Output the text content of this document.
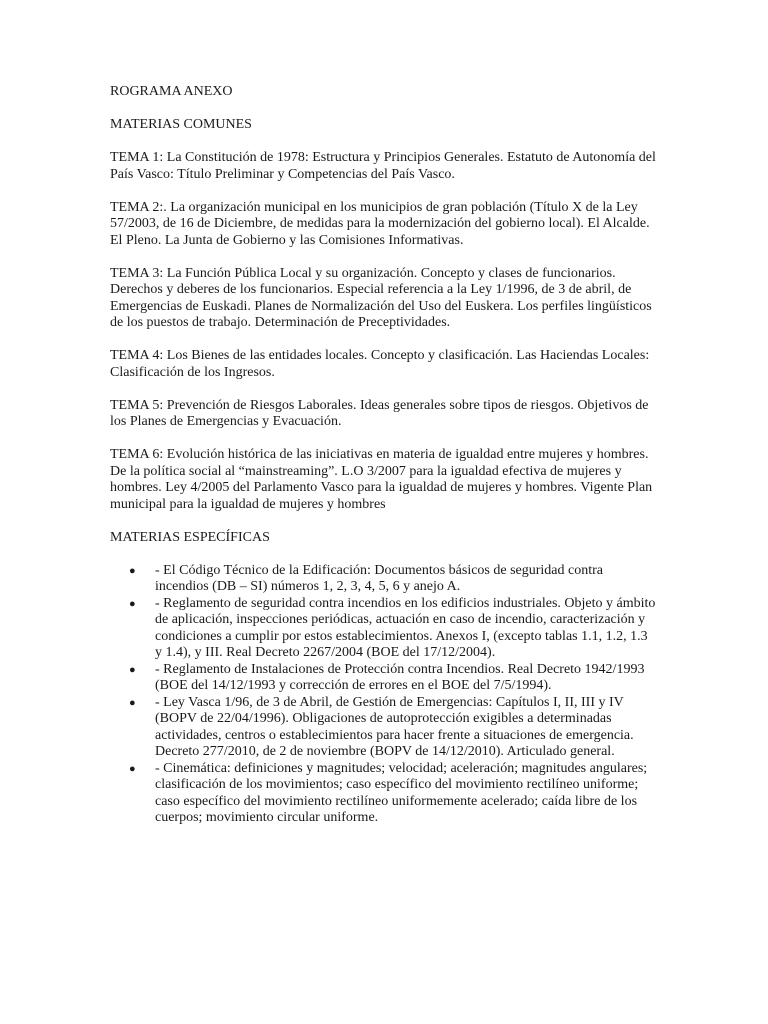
ROGRAMA ANEXO

MATERIAS COMUNES

TEMA 1: La Constitución de 1978: Estructura y Principios Generales. Estatuto de Autonomía del País Vasco: Título Preliminar y Competencias del País Vasco.

TEMA 2:. La organización municipal en los municipios de gran población (Título X de la Ley 57/2003, de 16 de Diciembre, de medidas para la modernización del gobierno local). El Alcalde. El Pleno. La Junta de Gobierno y las Comisiones Informativas.

TEMA 3: La Función Pública Local y su organización. Concepto y clases de funcionarios. Derechos y deberes de los funcionarios. Especial referencia a la Ley 1/1996, de 3 de abril, de Emergencias de Euskadi. Planes de Normalización del Uso del Euskera. Los perfiles lingüísticos de los puestos de trabajo. Determinación de Preceptividades.

TEMA 4: Los Bienes de las entidades locales. Concepto y clasificación. Las Haciendas Locales: Clasificación de los Ingresos.

TEMA 5: Prevención de Riesgos Laborales. Ideas generales sobre tipos de riesgos. Objetivos de los Planes de Emergencias y Evacuación.

TEMA 6: Evolución histórica de las iniciativas en materia de igualdad entre mujeres y hombres. De la política social al “mainstreaming”. L.O 3/2007 para la igualdad efectiva de mujeres y hombres. Ley 4/2005 del Parlamento Vasco para la igualdad de mujeres y hombres. Vigente Plan municipal para la igualdad de mujeres y hombres

MATERIAS ESPECÍFICAS

● - El Código Técnico de la Edificación: Documentos básicos de seguridad contra incendios (DB – SI) números 1, 2, 3, 4, 5, 6 y anejo A.
● - Reglamento de seguridad contra incendios en los edificios industriales. Objeto y ámbito de aplicación, inspecciones periódicas, actuación en caso de incendio, caracterización y condiciones a cumplir por estos establecimientos. Anexos I, (excepto tablas 1.1, 1.2, 1.3 y 1.4), y III. Real Decreto 2267/2004 (BOE del 17/12/2004).
● - Reglamento de Instalaciones de Protección contra Incendios. Real Decreto 1942/1993 (BOE del 14/12/1993 y corrección de errores en el BOE del 7/5/1994).
● - Ley Vasca 1/96, de 3 de Abril, de Gestión de Emergencias: Capítulos I, II, III y IV (BOPV de 22/04/1996). Obligaciones de autoprotección exigibles a determinadas actividades, centros o establecimientos para hacer frente a situaciones de emergencia. Decreto 277/2010, de 2 de noviembre (BOPV de 14/12/2010). Articulado general.
● - Cinemática: definiciones y magnitudes; velocidad; aceleración; magnitudes angulares; clasificación de los movimientos; caso específico del movimiento rectilíneo uniforme; caso específico del movimiento rectilíneo uniformemente acelerado; caída libre de los cuerpos; movimiento circular uniforme.
